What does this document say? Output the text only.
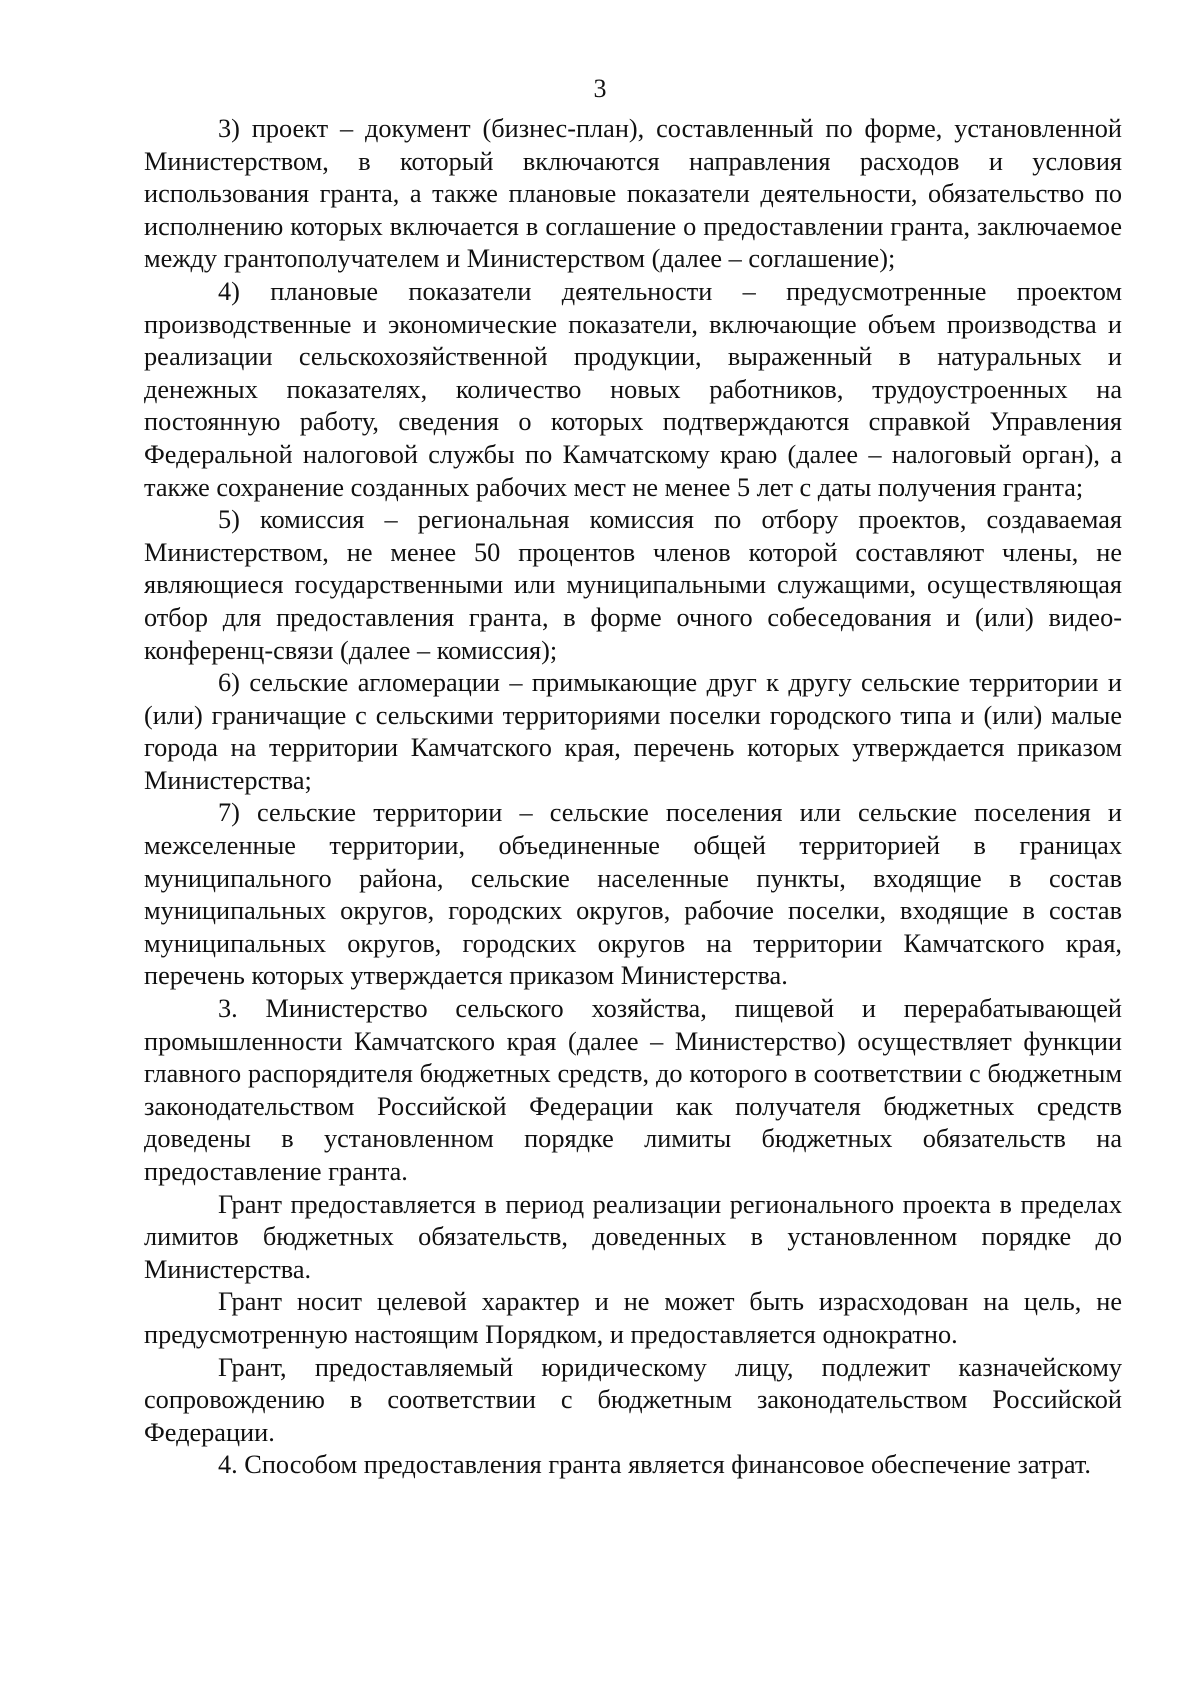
3

3) проект – документ (бизнес-план), составленный по форме, установленной Министерством, в который включаются направления расходов и условия использования гранта, а также плановые показатели деятельности, обязательство по исполнению которых включается в соглашение о предоставлении гранта, заключаемое между грантополучателем и Министерством (далее – соглашение);

4) плановые показатели деятельности – предусмотренные проектом производственные и экономические показатели, включающие объем производства и реализации сельскохозяйственной продукции, выраженный в натуральных и денежных показателях, количество новых работников, трудоустроенных на постоянную работу, сведения о которых подтверждаются справкой Управления Федеральной налоговой службы по Камчатскому краю (далее – налоговый орган), а также сохранение созданных рабочих мест не менее 5 лет с даты получения гранта;

5) комиссия – региональная комиссия по отбору проектов, создаваемая Министерством, не менее 50 процентов членов которой составляют члены, не являющиеся государственными или муниципальными служащими, осуществляющая отбор для предоставления гранта, в форме очного собеседования и (или) видео-конференц-связи (далее – комиссия);

6) сельские агломерации – примыкающие друг к другу сельские территории и (или) граничащие с сельскими территориями поселки городского типа и (или) малые города на территории Камчатского края, перечень которых утверждается приказом Министерства;

7) сельские территории – сельские поселения или сельские поселения и межселенные территории, объединенные общей территорией в границах муниципального района, сельские населенные пункты, входящие в состав муниципальных округов, городских округов, рабочие поселки, входящие в состав муниципальных округов, городских округов на территории Камчатского края, перечень которых утверждается приказом Министерства.

3. Министерство сельского хозяйства, пищевой и перерабатывающей промышленности Камчатского края (далее – Министерство) осуществляет функции главного распорядителя бюджетных средств, до которого в соответствии с бюджетным законодательством Российской Федерации как получателя бюджетных средств доведены в установленном порядке лимиты бюджетных обязательств на предоставление гранта.

Грант предоставляется в период реализации регионального проекта в пределах лимитов бюджетных обязательств, доведенных в установленном порядке до Министерства.

Грант носит целевой характер и не может быть израсходован на цель, не предусмотренную настоящим Порядком, и предоставляется однократно.

Грант, предоставляемый юридическому лицу, подлежит казначейскому сопровождению в соответствии с бюджетным законодательством Российской Федерации.

4. Способом предоставления гранта является финансовое обеспечение затрат.
